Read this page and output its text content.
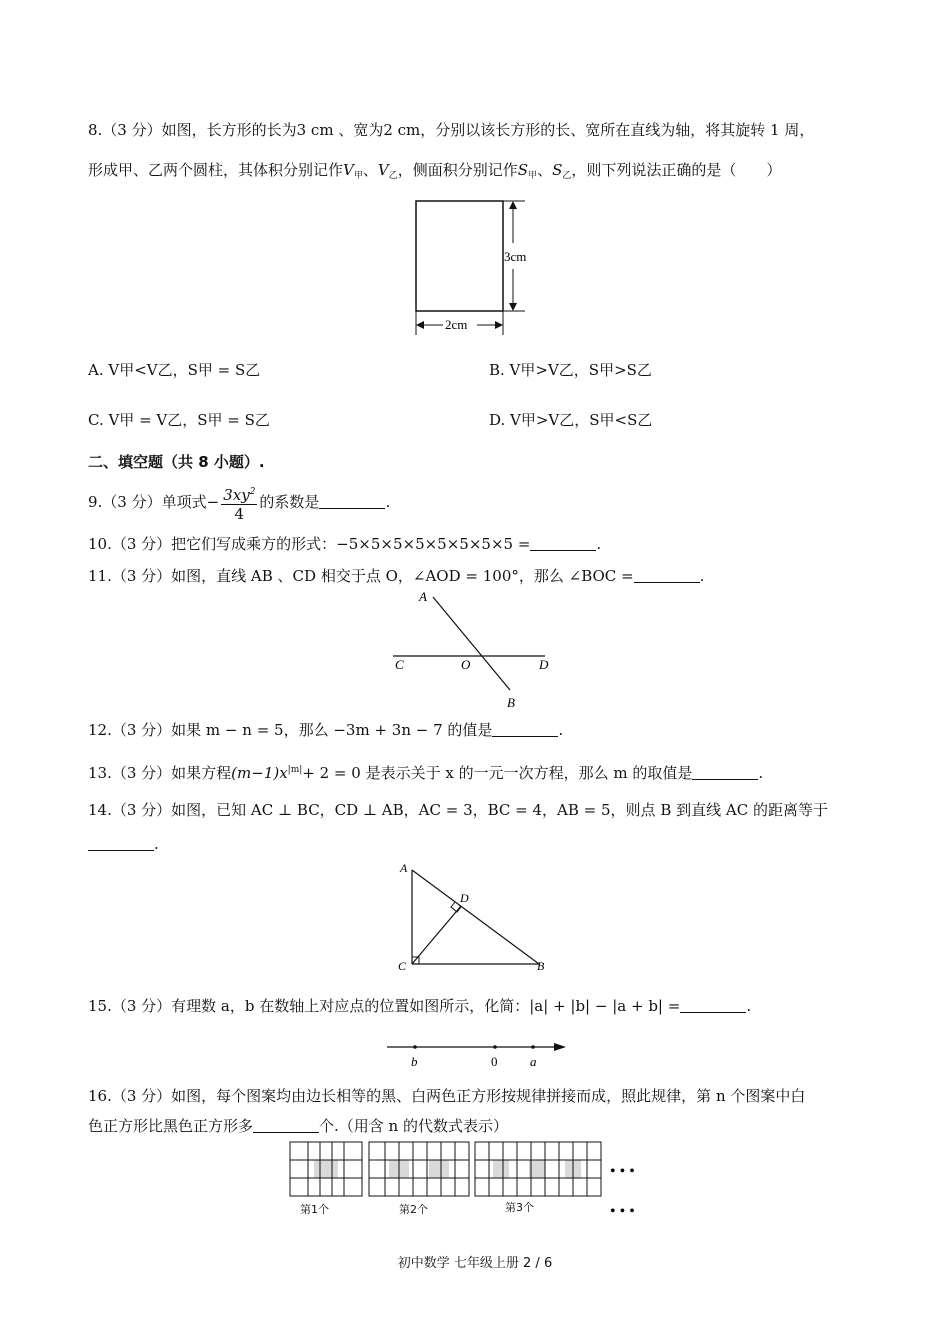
8.（3 分）如图，长方形的长为3 cm 、宽为2 cm，分别以该长方形的长、宽所在直线为轴，将其旋转 1 周，
形成甲、乙两个圆柱，其体积分别记作$V_甲$、$V_乙$，侧面积分别记作$S_甲$、$S_乙$，则下列说法正确的是（　　）
3cm
2cm
A. V甲<V乙，S甲 = S乙	B. V甲>V乙，S甲>S乙
C. V甲 = V乙，S甲 = S乙	D. V甲>V乙，S甲<S乙
二、填空题（共 8 小题）.
9.（3 分）单项式− $\frac{3xy^2}{4}$ 的系数是	.
10.（3 分）把它们写成乘方的形式：−5×5×5×5×5×5×5×5 =	.
11.（3 分）如图，直线 AB 、CD 相交于点 O，∠AOD = 100°，那么 ∠BOC =	.
A
C	O	D
B
12.（3 分）如果 m − n = 5，那么 −3m + 3n − 7 的值是	.
13.（3 分）如果方程$(m-1)x^{|m|}+ 2 = 0$ 是表示关于 x 的一元一次方程，那么 m 的取值是	.
14.（3 分）如图，已知 AC ⊥ BC，CD ⊥ AB，AC = 3，BC = 4，AB = 5，则点 B 到直线 AC 的距离等于
.
A
D
C	B
15.（3 分）有理数 a，b 在数轴上对应点的位置如图所示，化简：|a| + |b| − |a + b| =	.
b	0	a
16.（3 分）如图，每个图案均由边长相等的黑、白两色正方形按规律拼接而成，照此规律，第 n 个图案中白
色正方形比黑色正方形多	个.（用含 n 的代数式表示）
• • •
• • •
第1个	第2个	第3个
初中数学 七年级上册 2 / 6
